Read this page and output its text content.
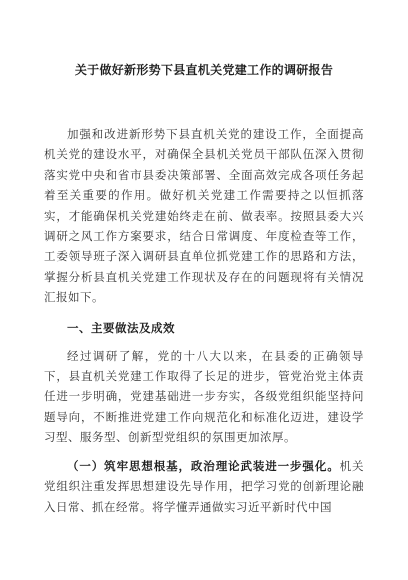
关于做好新形势下县直机关党建工作的调研报告

加强和改进新形势下县直机关党的建设工作，全面提高机关党的建设水平，对确保全县机关党员干部队伍深入贯彻落实党中央和省市县委决策部署、全面高效完成各项任务起着至关重要的作用。做好机关党建工作需要持之以恒抓落实，才能确保机关党建始终走在前、做表率。按照县委大兴调研之风工作方案要求，结合日常调度、年度检查等工作，工委领导班子深入调研县直单位抓党建工作的思路和方法，掌握分析县直机关党建工作现状及存在的问题现将有关情况汇报如下。

一、主要做法及成效

经过调研了解，党的十八大以来，在县委的正确领导下，县直机关党建工作取得了长足的进步，管党治党主体责任进一步明确，党建基础进一步夯实，各级党组织能坚持问题导向，不断推进党建工作向规范化和标准化迈进，建设学习型、服务型、创新型党组织的氛围更加浓厚。

（一）筑牢思想根基，政治理论武装进一步强化。机关党组织注重发挥思想建设先导作用，把学习党的创新理论融入日常、抓在经常。将学懂弄通做实习近平新时代中国
